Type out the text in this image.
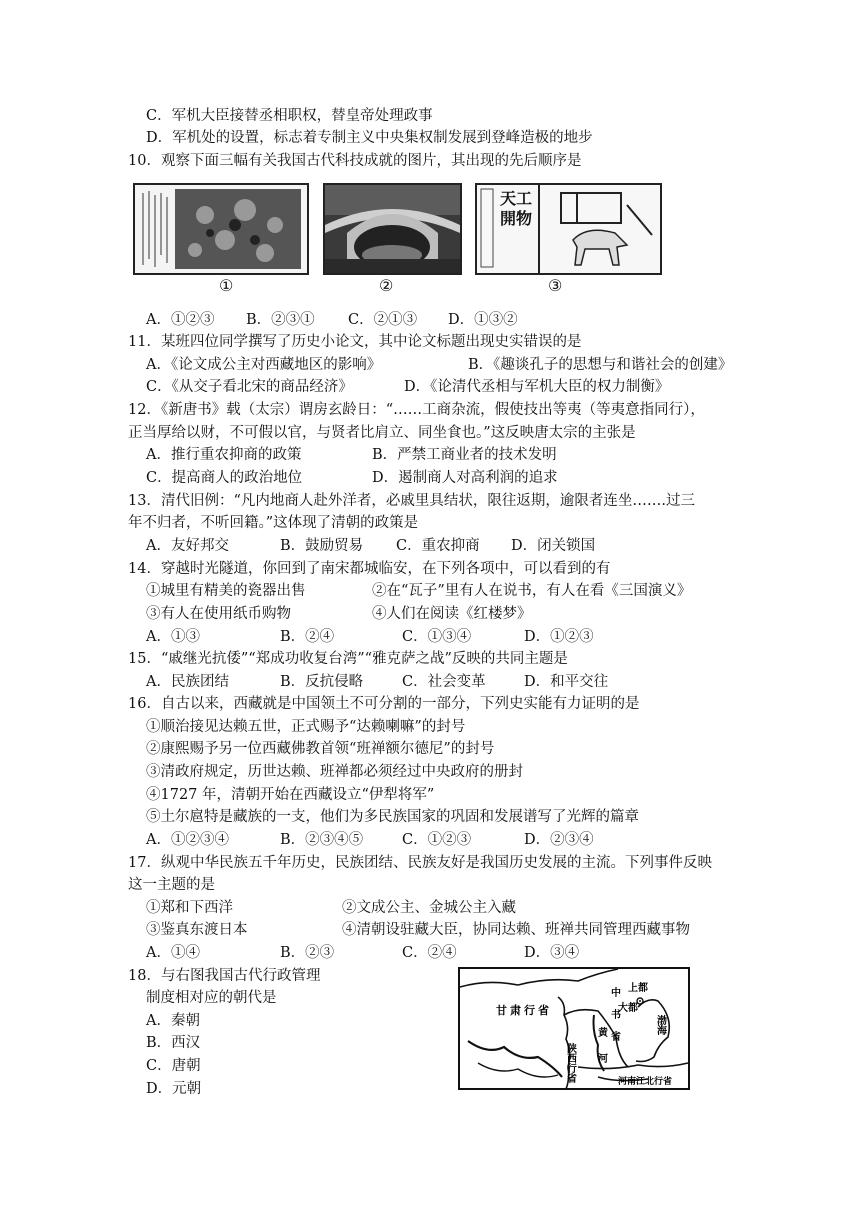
C．军机大臣接替丞相职权，替皇帝处理政事
D．军机处的设置，标志着专制主义中央集权制发展到登峰造极的地步
10．观察下面三幅有关我国古代科技成就的图片，其出现的先后顺序是
①	②
天工開物
③
A．①②③ B．②③① C．②①③ D．①③②
11．某班四位同学撰写了历史小论文，其中论文标题出现史实错误的是
A．《论文成公主对西藏地区的影响》	B．《趣谈孔子的思想与和谐社会的创建》
C．《从交子看北宋的商品经济》	D．《论清代丞相与军机大臣的权力制衡》
12．《新唐书》载（太宗）谓房玄龄日：“……工商杂流，假使技出等夷（等夷意指同行），
正当厚给以财，不可假以官，与贤者比肩立、同坐食也。”这反映唐太宗的主张是
A．推行重农抑商的政策	B．严禁工商业者的技术发明
C．提高商人的政治地位	D．遏制商人对高利润的追求
13．清代旧例：“凡内地商人赴外洋者，必戚里具结状，限往返期，逾限者连坐…….过三
年不归者，不听回籍。”这体现了清朝的政策是
A．友好邦交	B．鼓励贸易 C．重农抑商 D．闭关锁国
14．穿越时光隧道，你回到了南宋都城临安，在下列各项中，可以看到的有
①城里有精美的瓷器出售	②在“瓦子”里有人在说书，有人在看《三国演义》
③有人在使用纸币购物	④人们在阅读《红楼梦》
A．①③	B．②④	C．①③④	D．①②③
15．“戚继光抗倭”“郑成功收复台湾”“雅克萨之战”反映的共同主题是
A．民族团结	B．反抗侵略	C．社会变革	D．和平交往
16．自古以来，西藏就是中国领土不可分割的一部分，下列史实能有力证明的是
①顺治接见达赖五世，正式赐予“达赖喇嘛”的封号
②康熙赐予另一位西藏佛教首领“班禅额尔德尼”的封号
③清政府规定，历世达赖、班禅都必须经过中央政府的册封
④1727 年，清朝开始在西藏设立“伊犁将军”
⑤土尔扈特是藏族的一支，他们为多民族国家的巩固和发展谱写了光辉的篇章
A．①②③④	B．②③④⑤	C．①②③	D．②③④
17．纵观中华民族五千年历史，民族团结、民族友好是我国历史发展的主流。下列事件反映
这一主题的是
①郑和下西洋	②文成公主、金城公主入藏
③鉴真东渡日本	④清朝设驻藏大臣，协同达赖、班禅共同管理西藏事物
A．①④	B．②③	C．②④	D．③④
18．与右图我国古代行政管理
制度相对应的朝代是
A．秦朝
B．西汉
C．唐朝
D．元朝
甘肃行省
陕西行省
中书省
大都
上都
渤海
黄河
河南江北行省
